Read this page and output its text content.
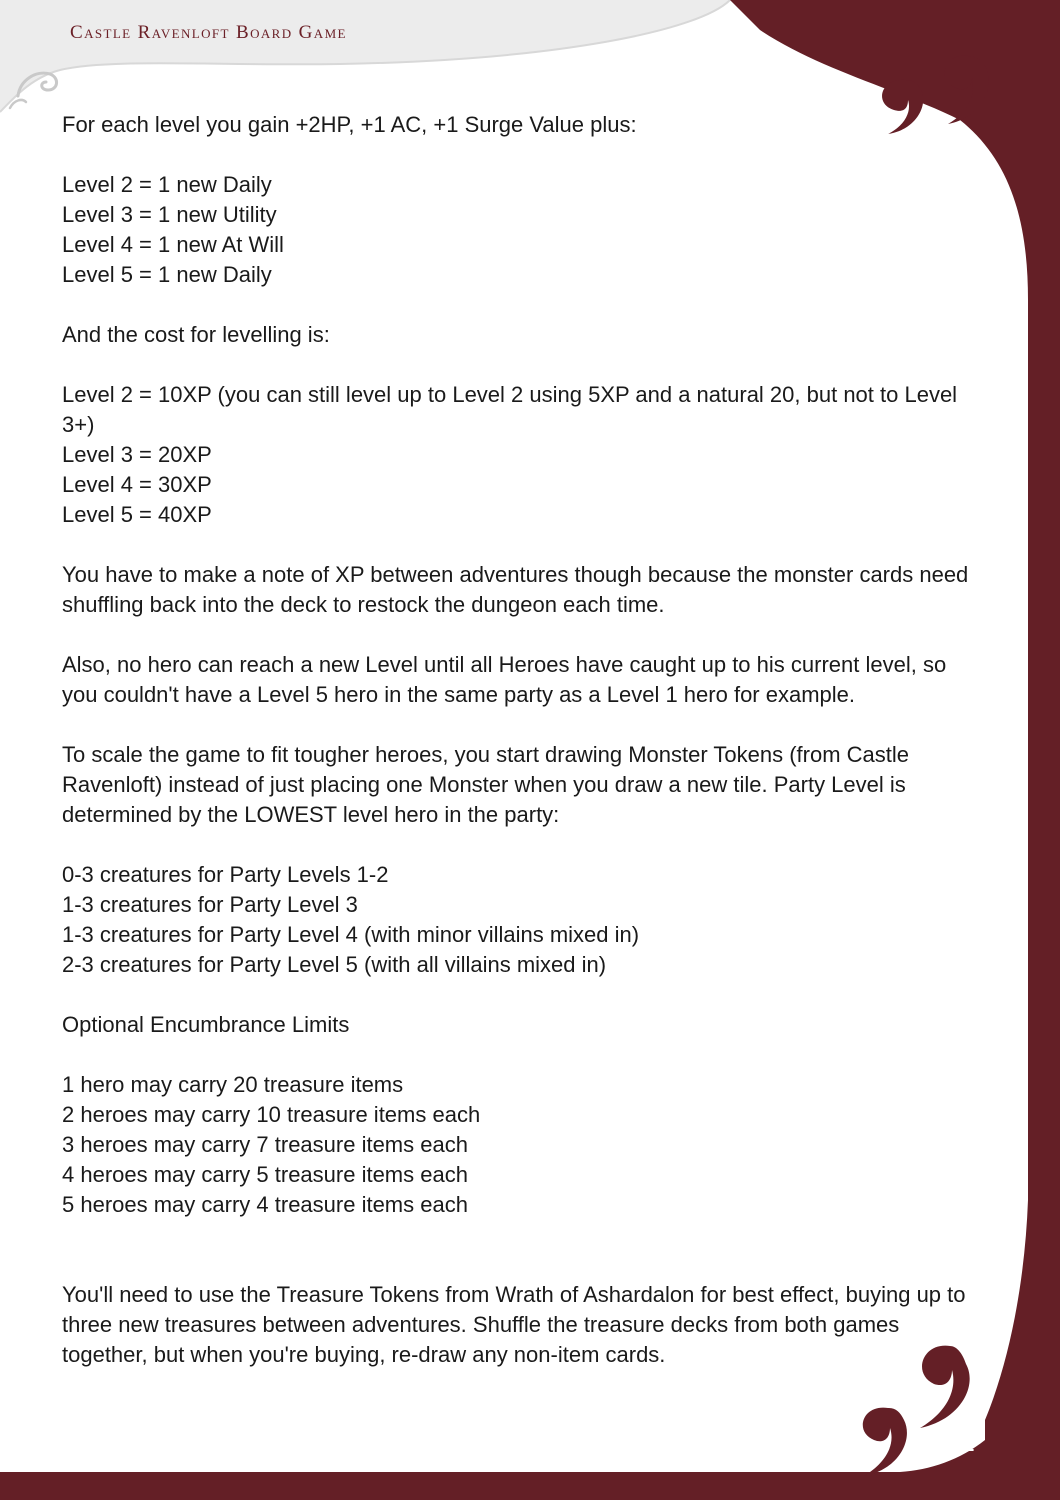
Castle Ravenloft Board Game

For each level you gain +2HP, +1 AC, +1 Surge Value plus:

Level 2 = 1 new Daily
Level 3 = 1 new Utility
Level 4 = 1 new At Will
Level 5 = 1 new Daily

And the cost for levelling is:

Level 2 = 10XP (you can still level up to Level 2 using 5XP and a natural 20, but not to Level 3+)
Level 3 = 20XP
Level 4 = 30XP
Level 5 = 40XP

You have to make a note of XP between adventures though because the monster cards need shuffling back into the deck to restock the dungeon each time.

Also, no hero can reach a new Level until all Heroes have caught up to his current level, so you couldn't have a Level 5 hero in the same party as a Level 1 hero for example.

To scale the game to fit tougher heroes, you start drawing Monster Tokens (from Castle Ravenloft) instead of just placing one Monster when you draw a new tile. Party Level is determined by the LOWEST level hero in the party:

0-3 creatures for Party Levels 1-2
1-3 creatures for Party Level 3
1-3 creatures for Party Level 4 (with minor villains mixed in)
2-3 creatures for Party Level 5 (with all villains mixed in)

Optional Encumbrance Limits

1 hero may carry 20 treasure items
2 heroes may carry 10 treasure items each
3 heroes may carry 7 treasure items each
4 heroes may carry 5 treasure items each
5 heroes may carry 4 treasure items each

You'll need to use the Treasure Tokens from Wrath of Ashardalon for best effect, buying up to three new treasures between adventures. Shuffle the treasure decks from both games together, but when you're buying, re-draw any non-item cards.

2
